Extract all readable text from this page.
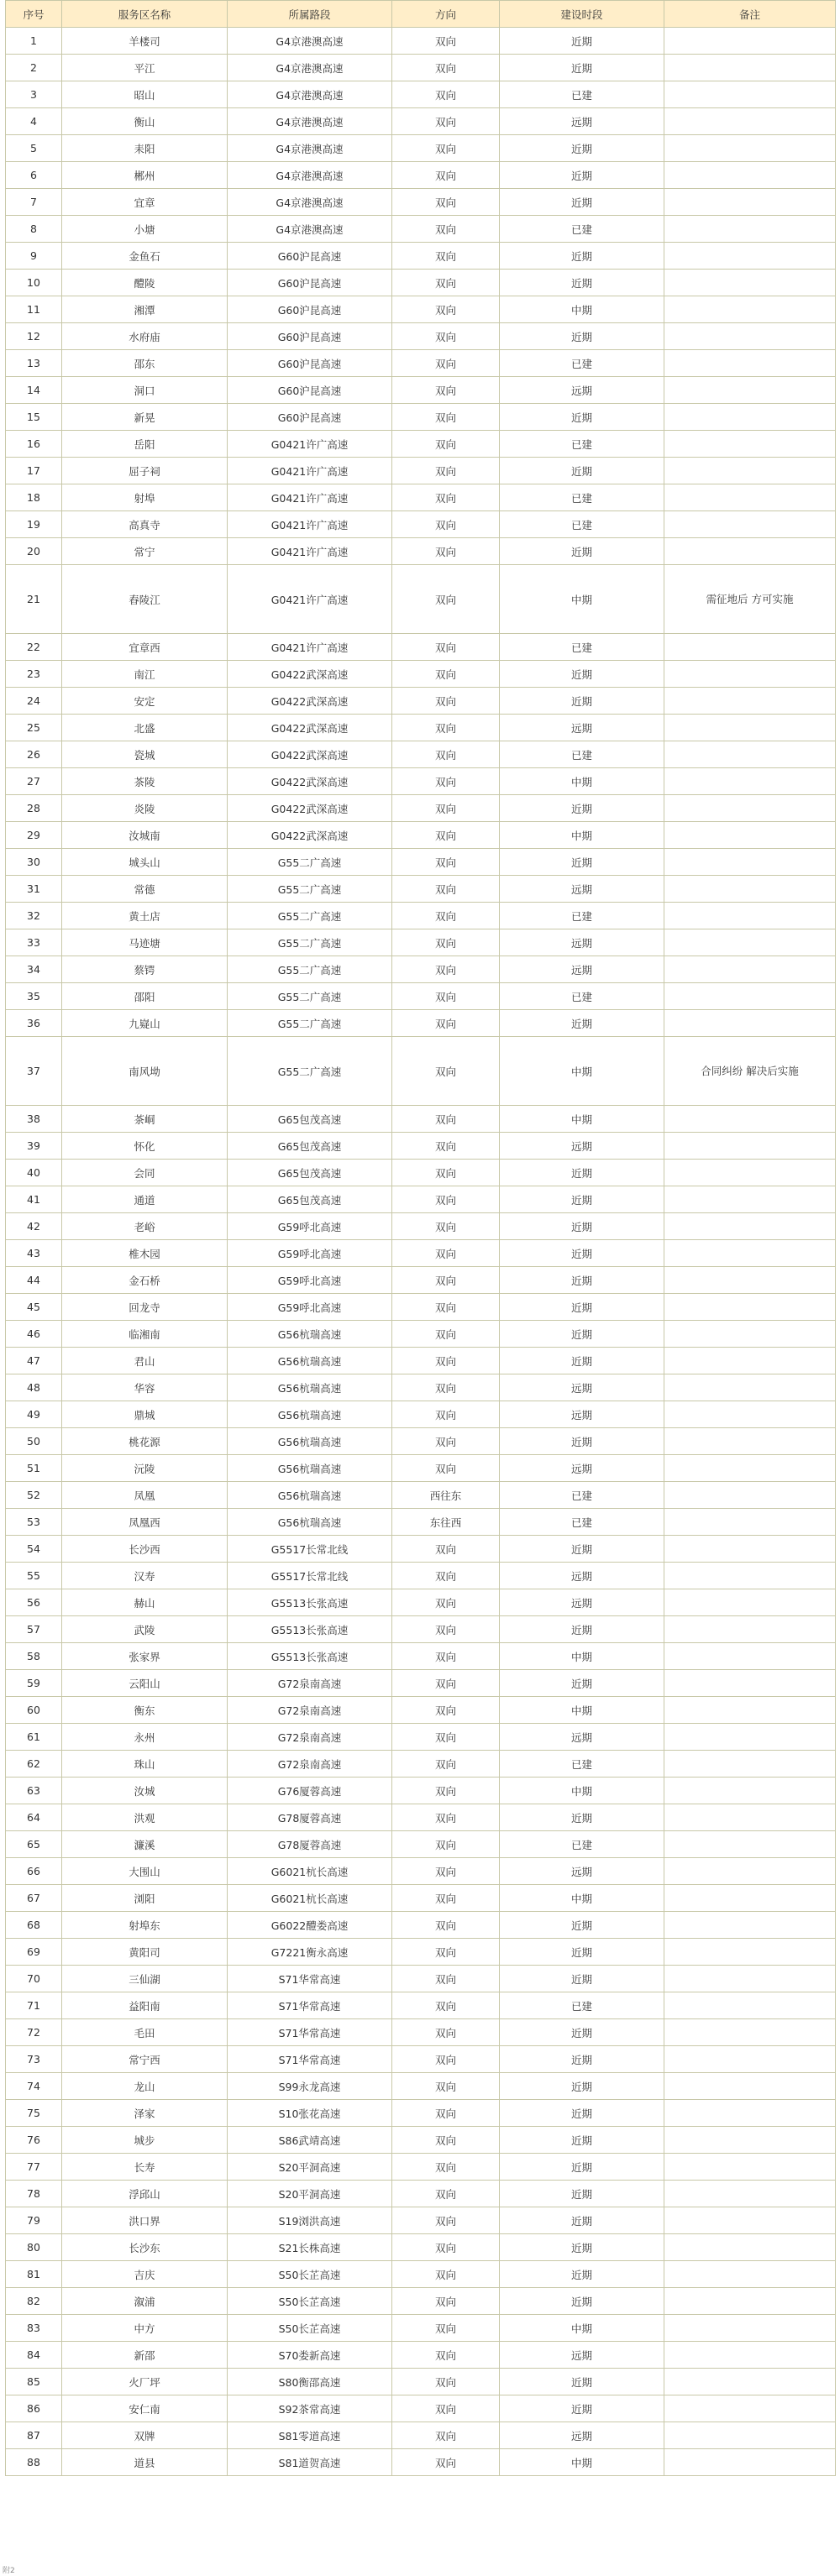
序号	服务区名称	所属路段	方向	建设时段	备注
1	羊楼司	G4京港澳高速	双向	近期	
2	平江	G4京港澳高速	双向	近期	
3	昭山	G4京港澳高速	双向	已建	
4	衡山	G4京港澳高速	双向	远期	
5	耒阳	G4京港澳高速	双向	近期	
6	郴州	G4京港澳高速	双向	近期	
7	宜章	G4京港澳高速	双向	近期	
8	小塘	G4京港澳高速	双向	已建	
9	金鱼石	G60沪昆高速	双向	近期	
10	醴陵	G60沪昆高速	双向	近期	
11	湘潭	G60沪昆高速	双向	中期	
12	水府庙	G60沪昆高速	双向	近期	
13	邵东	G60沪昆高速	双向	已建	
14	洞口	G60沪昆高速	双向	远期	
15	新晃	G60沪昆高速	双向	近期	
16	岳阳	G0421许广高速	双向	已建	
17	屈子祠	G0421许广高速	双向	近期	
18	射埠	G0421许广高速	双向	已建	
19	高真寺	G0421许广高速	双向	已建	
20	常宁	G0421许广高速	双向	近期	
21	舂陵江	G0421许广高速	双向	中期	需征地后 方可实施
22	宜章西	G0421许广高速	双向	已建	
23	南江	G0422武深高速	双向	近期	
24	安定	G0422武深高速	双向	近期	
25	北盛	G0422武深高速	双向	远期	
26	瓷城	G0422武深高速	双向	已建	
27	茶陵	G0422武深高速	双向	中期	
28	炎陵	G0422武深高速	双向	近期	
29	汝城南	G0422武深高速	双向	中期	
30	城头山	G55二广高速	双向	近期	
31	常德	G55二广高速	双向	远期	
32	黄土店	G55二广高速	双向	已建	
33	马迹塘	G55二广高速	双向	远期	
34	蔡锷	G55二广高速	双向	远期	
35	邵阳	G55二广高速	双向	已建	
36	九嶷山	G55二广高速	双向	近期	
37	南风坳	G55二广高速	双向	中期	合同纠纷 解决后实施
38	茶峒	G65包茂高速	双向	中期	
39	怀化	G65包茂高速	双向	远期	
40	会同	G65包茂高速	双向	近期	
41	通道	G65包茂高速	双向	近期	
42	老峪	G59呼北高速	双向	近期	
43	椎木园	G59呼北高速	双向	近期	
44	金石桥	G59呼北高速	双向	近期	
45	回龙寺	G59呼北高速	双向	近期	
46	临湘南	G56杭瑞高速	双向	近期	
47	君山	G56杭瑞高速	双向	近期	
48	华容	G56杭瑞高速	双向	远期	
49	鼎城	G56杭瑞高速	双向	远期	
50	桃花源	G56杭瑞高速	双向	近期	
51	沅陵	G56杭瑞高速	双向	远期	
52	凤凰	G56杭瑞高速	西往东	已建	
53	凤凰西	G56杭瑞高速	东往西	已建	
54	长沙西	G5517长常北线	双向	近期	
55	汉寿	G5517长常北线	双向	远期	
56	赫山	G5513长张高速	双向	远期	
57	武陵	G5513长张高速	双向	近期	
58	张家界	G5513长张高速	双向	中期	
59	云阳山	G72泉南高速	双向	近期	
60	衡东	G72泉南高速	双向	中期	
61	永州	G72泉南高速	双向	远期	
62	珠山	G72泉南高速	双向	已建	
63	汝城	G76厦蓉高速	双向	中期	
64	洪观	G78厦蓉高速	双向	近期	
65	濂溪	G78厦蓉高速	双向	已建	
66	大围山	G6021杭长高速	双向	远期	
67	浏阳	G6021杭长高速	双向	中期	
68	射埠东	G6022醴娄高速	双向	近期	
69	黄阳司	G7221衡永高速	双向	近期	
70	三仙湖	S71华常高速	双向	近期	
71	益阳南	S71华常高速	双向	已建	
72	毛田	S71华常高速	双向	近期	
73	常宁西	S71华常高速	双向	近期	
74	龙山	S99永龙高速	双向	近期	
75	泽家	S10张花高速	双向	近期	
76	城步	S86武靖高速	双向	近期	
77	长寿	S20平洞高速	双向	近期	
78	浮邱山	S20平洞高速	双向	近期	
79	洪口界	S19浏洪高速	双向	近期	
80	长沙东	S21长株高速	双向	近期	
81	吉庆	S50长芷高速	双向	近期	
82	溆浦	S50长芷高速	双向	近期	
83	中方	S50长芷高速	双向	中期	
84	新邵	S70娄新高速	双向	远期	
85	火厂坪	S80衡邵高速	双向	近期	
86	安仁南	S92茶常高速	双向	近期	
87	双牌	S81零道高速	双向	远期	
88	道县	S81道贺高速	双向	中期	
附2
